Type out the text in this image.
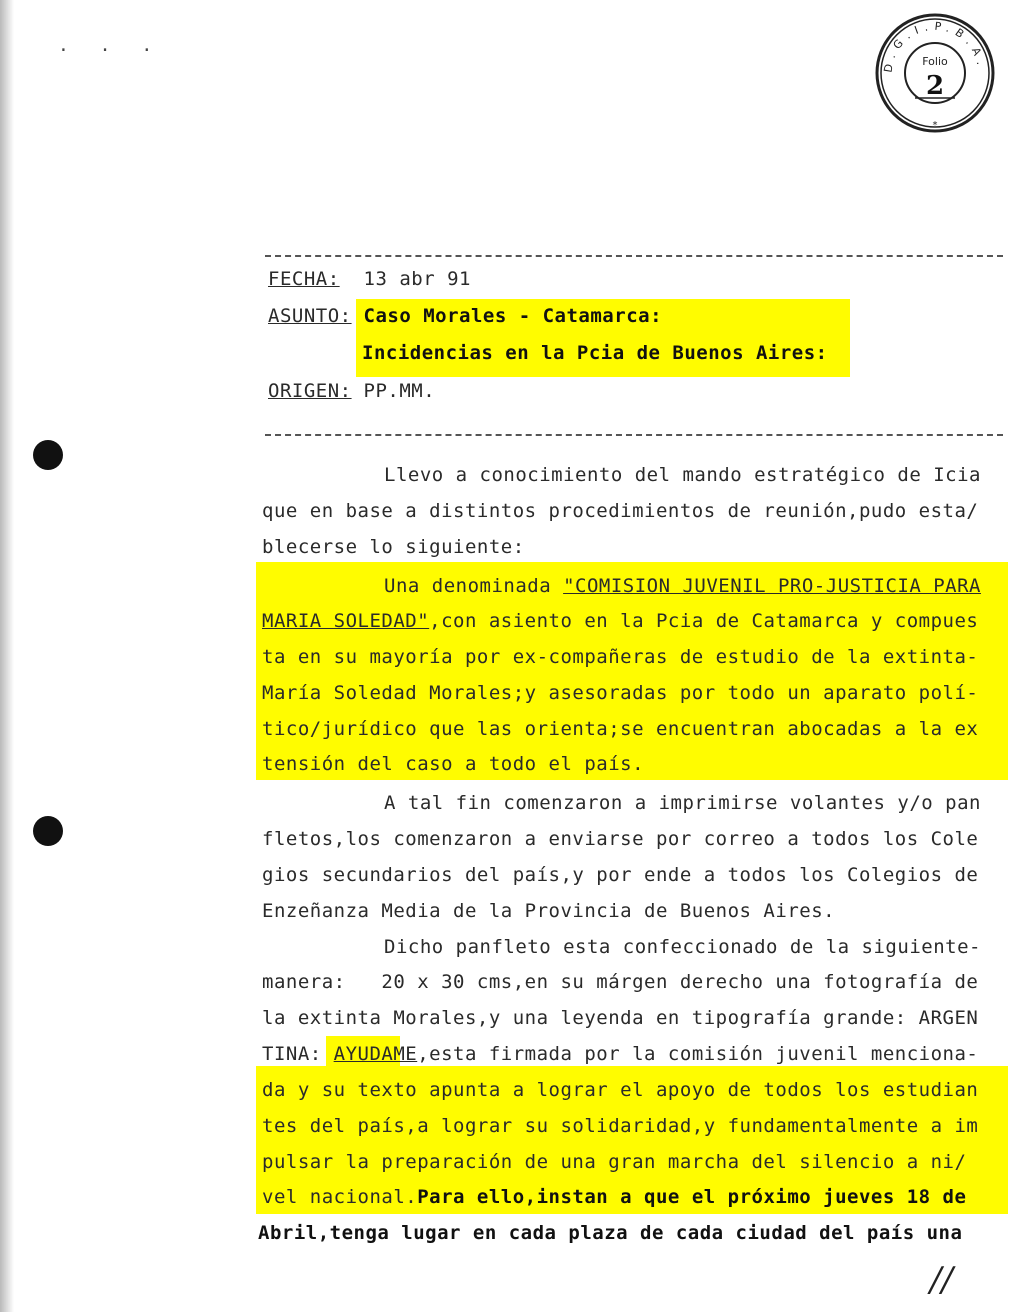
· · ·
D.G.I.P.B.A.
Folio
2
*
FECHA: 13 abr 91
ASUNTO: Caso Morales - Catamarca:
Incidencias en la Pcia de Buenos Aires:
ORIGEN: PP.MM.
Llevo a conocimiento del mando estratégico de Icia
que en base a distintos procedimientos de reunión,pudo esta/
blecerse lo siguiente:
Una denominada "COMISION JUVENIL PRO-JUSTICIA PARA
MARIA SOLEDAD",con asiento en la Pcia de Catamarca y compues
ta en su mayoría por ex-compañeras de estudio de la extinta-
María Soledad Morales;y asesoradas por todo un aparato polí-
tico/jurídico que las orienta;se encuentran abocadas a la ex
tensión del caso a todo el país.
A tal fin comenzaron a imprimirse volantes y/o pan
fletos,los comenzaron a enviarse por correo a todos los Cole
gios secundarios del país,y por ende a todos los Colegios de
Enzeñanza Media de la Provincia de Buenos Aires.
Dicho panfleto esta confeccionado de la siguiente-
manera:   20 x 30 cms,en su márgen derecho una fotografía de
la extinta Morales,y una leyenda en tipografía grande: ARGEN
TINA: AYUDAME,esta firmada por la comisión juvenil menciona-
da y su texto apunta a lograr el apoyo de todos los estudian
tes del país,a lograr su solidaridad,y fundamentalmente a im
pulsar la preparación de una gran marcha del silencio a ni/
vel nacional.Para ello,instan a que el próximo jueves 18 de
Abril,tenga lugar en cada plaza de cada ciudad del país una
//
